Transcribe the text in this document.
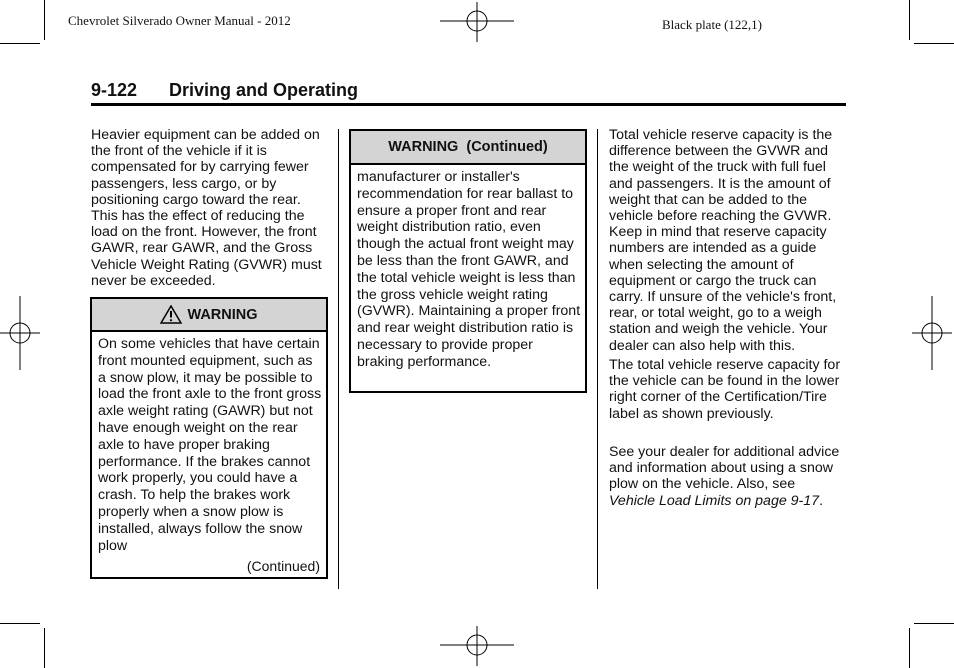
Chevrolet Silverado Owner Manual - 2012	Black plate (122,1)
9-122 Driving and Operating

Heavier equipment can be added on the front of the vehicle if it is compensated for by carrying fewer passengers, less cargo, or by positioning cargo toward the rear. This has the effect of reducing the load on the front. However, the front GAWR, rear GAWR, and the Gross Vehicle Weight Rating (GVWR) must never be exceeded.

WARNING

On some vehicles that have certain front mounted equipment, such as a snow plow, it may be possible to load the front axle to the front gross axle weight rating (GAWR) but not have enough weight on the rear axle to have proper braking performance. If the brakes cannot work properly, you could have a crash. To help the brakes work properly when a snow plow is installed, always follow the snow plow

(Continued)
WARNING  (Continued)

manufacturer or installer's recommendation for rear ballast to ensure a proper front and rear weight distribution ratio, even though the actual front weight may be less than the front GAWR, and the total vehicle weight is less than the gross vehicle weight rating (GVWR). Maintaining a proper front and rear weight distribution ratio is necessary to provide proper braking performance.

Total vehicle reserve capacity is the difference between the GVWR and the weight of the truck with full fuel and passengers. It is the amount of weight that can be added to the vehicle before reaching the GVWR. Keep in mind that reserve capacity numbers are intended as a guide when selecting the amount of equipment or cargo the truck can carry. If unsure of the vehicle's front, rear, or total weight, go to a weigh station and weigh the vehicle. Your dealer can also help with this.

The total vehicle reserve capacity for the vehicle can be found in the lower right corner of the Certification/Tire label as shown previously.

See your dealer for additional advice and information about using a snow plow on the vehicle. Also, see Vehicle Load Limits on page 9-17.
